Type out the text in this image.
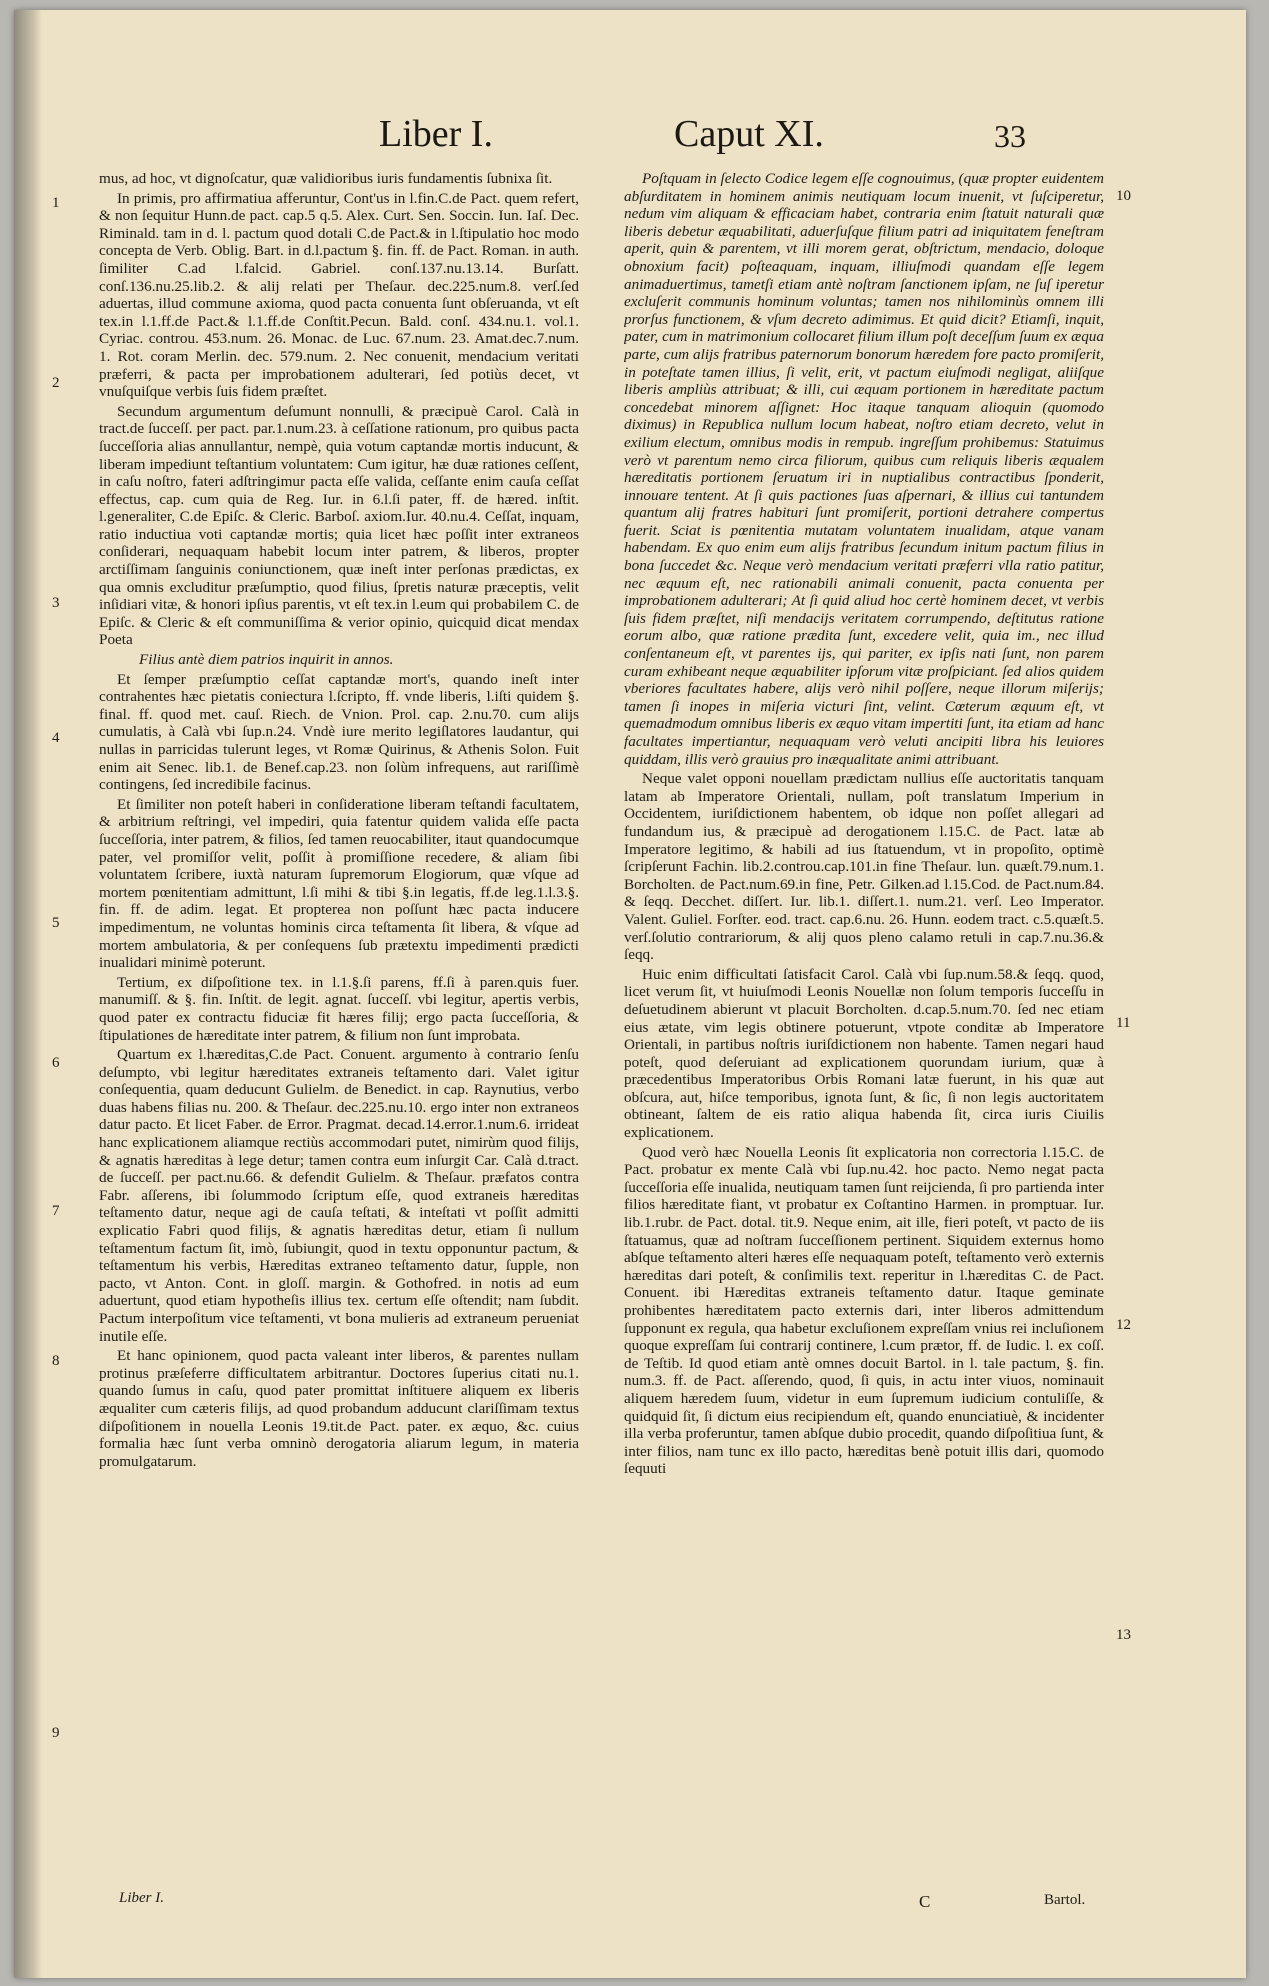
Liber I.	Caput XI.	33
1
2
3
4
5
6
7
8
9
10
11
12
13

mus, ad hoc, vt dignoſcatur, quæ validioribus iuris fundamentis ſubnixa ſit.

In primis, pro affirmatiua afferuntur, Cont'us in l.fin.C.de Pact. quem refert, & non ſequitur Hunn.de pact. cap.5 q.5. Alex. Curt. Sen. Soccin. Iun. Iaſ. Dec. Riminald. tam in d. l. pactum quod dotali C.de Pact.& in l.ſtipulatio hoc modo concepta de Verb. Oblig. Bart. in d.l.pactum §. fin. ff. de Pact. Roman. in auth. ſimiliter C.ad l.falcid. Gabriel. conſ.137.nu.13.14. Burſatt. conſ.136.nu.25.lib.2. & alij relati per Theſaur. dec.225.num.8. verſ.ſed aduertas, illud commune axioma, quod pacta conuenta ſunt obſeruanda, vt eſt tex.in l.1.ff.de Pact.& l.1.ff.de Conſtit.Pecun. Bald. conſ. 434.nu.1. vol.1. Cyriac. controu. 453.num. 26. Monac. de Luc. 67.num. 23. Amat.dec.7.num. 1. Rot. coram Merlin. dec. 579.num. 2. Nec conuenit, mendacium veritati præferri, & pacta per improbationem adulterari, ſed potiùs decet, vt vnuſquiſque verbis ſuis fidem præſtet.

Secundum argumentum deſumunt nonnulli, & præcipuè Carol. Calà in tract.de ſucceſſ. per pact. par.1.num.23. à ceſſatione rationum, pro quibus pacta ſucceſſoria alias annullantur, nempè, quia votum captandæ mortis inducunt, & liberam impediunt teſtantium voluntatem: Cum igitur, hæ duæ rationes ceſſent, in caſu noſtro, fateri adſtringimur pacta eſſe valida, ceſſante enim cauſa ceſſat effectus, cap. cum quia de Reg. Iur. in 6.l.ſi pater, ff. de hæred. inſtit. l.generaliter, C.de Epiſc. & Cleric. Barboſ. axiom.Iur. 40.nu.4. Ceſſat, inquam, ratio inductiua voti captandæ mortis; quia licet hæc poſſit inter extraneos conſiderari, nequaquam habebit locum inter patrem, & liberos, propter arctiſſimam ſanguinis coniunctionem, quæ ineſt inter perſonas prædictas, ex qua omnis excluditur præſumptio, quod filius, ſpretis naturæ præceptis, velit inſidiari vitæ, & honori ipſius parentis, vt eſt tex.in l.eum qui probabilem C. de Epiſc. & Cleric & eſt communiſſima & verior opinio, quicquid dicat mendax Poeta

Filius antè diem patrios inquirit in annos.

Et ſemper præſumptio ceſſat captandæ mort's, quando ineſt inter contrahentes hæc pietatis coniectura l.ſcripto, ff. vnde liberis, l.iſti quidem §. final. ff. quod met. cauſ. Riech. de Vnion. Prol. cap. 2.nu.70. cum alijs cumulatis, à Calà vbi ſup.n.24. Vndè iure merito legiſlatores laudantur, qui nullas in parricidas tulerunt leges, vt Romæ Quirinus, & Athenis Solon. Fuit enim ait Senec. lib.1. de Benef.cap.23. non ſolùm infrequens, aut rariſſimè contingens, ſed incredibile facinus.

Et ſimiliter non poteſt haberi in conſideratione liberam teſtandi facultatem, & arbitrium reſtringi, vel impediri, quia fatentur quidem valida eſſe pacta ſucceſſoria, inter patrem, & filios, ſed tamen reuocabiliter, itaut quandocumque pater, vel promiſſor velit, poſſit à promiſſione recedere, & aliam ſibi voluntatem ſcribere, iuxtà naturam ſupremorum Elogiorum, quæ vſque ad mortem pœnitentiam admittunt, l.ſi mihi & tibi §.in legatis, ff.de leg.1.l.3.§. fin. ff. de adim. legat. Et propterea non poſſunt hæc pacta inducere impedimentum, ne voluntas hominis circa teſtamenta ſit libera, & vſque ad mortem ambulatoria, & per conſequens ſub prætextu impedimenti prædicti inualidari minimè poterunt.

Tertium, ex diſpoſitione tex. in l.1.§.ſi parens, ff.ſi à paren.quis fuer. manumiſſ. & §. fin. Inſtit. de legit. agnat. ſucceſſ. vbi legitur, apertis verbis, quod pater ex contractu fiduciæ fit hæres filij; ergo pacta ſucceſſoria, & ſtipulationes de hæreditate inter patrem, & filium non ſunt improbata.

Quartum ex l.hæreditas,C.de Pact. Conuent. argumento à contrario ſenſu deſumpto, vbi legitur hæreditates extraneis teſtamento dari. Valet igitur conſequentia, quam deducunt Gulielm. de Benedict. in cap. Raynutius, verbo duas habens filias nu. 200. & Theſaur. dec.225.nu.10. ergo inter non extraneos datur pacto. Et licet Faber. de Error. Pragmat. decad.14.error.1.num.6. irrideat hanc explicationem aliamque rectiùs accommodari putet, nimirùm quod filijs, & agnatis hæreditas à lege detur; tamen contra eum inſurgit Car. Calà d.tract. de ſucceſſ. per pact.nu.66. & defendit Gulielm. & Theſaur. præfatos contra Fabr. aſſerens, ibi ſolummodo ſcriptum eſſe, quod extraneis hæreditas teſtamento datur, neque agi de cauſa teſtati, & inteſtati vt poſſit admitti explicatio Fabri quod filijs, & agnatis hæreditas detur, etiam ſi nullum teſtamentum factum ſit, imò, ſubiungit, quod in textu opponuntur pactum, & teſtamentum his verbis, Hæreditas extraneo teſtamento datur, ſupple, non pacto, vt Anton. Cont. in gloſſ. margin. & Gothofred. in notis ad eum aduertunt, quod etiam hypotheſis illius tex. certum eſſe oſtendit; nam ſubdit. Pactum interpoſitum vice teſtamenti, vt bona mulieris ad extraneum perueniat inutile eſſe.

Et hanc opinionem, quod pacta valeant inter liberos, & parentes nullam protinus præſeferre difficultatem arbitrantur. Doctores ſuperius citati nu.1. quando ſumus in caſu, quod pater promittat inſtituere aliquem ex liberis æqualiter cum cæteris filijs, ad quod probandum adducunt clariſſimam textus diſpoſitionem in nouella Leonis 19.tit.de Pact. pater. ex æquo, &c. cuius formalia hæc ſunt verba omninò derogatoria aliarum legum, in materia promulgatarum.

Poſtquam in ſelecto Codice legem eſſe cognouimus, (quæ propter euidentem abſurditatem in hominem animis neutiquam locum inuenit, vt ſuſciperetur, nedum vim aliquam & efficaciam habet, contraria enim ſtatuit naturali quæ liberis debetur æquabilitati, aduerſuſque filium patri ad iniquitatem feneſtram aperit, quin & parentem, vt illi morem gerat, obſtrictum, mendacio, doloque obnoxium facit) poſteaquam, inquam, illiuſmodi quandam eſſe legem animaduertimus, tametſi etiam antè noſtram ſanctionem ipſam, ne ſuſ iperetur excluſerit communis hominum voluntas; tamen nos nihilominùs omnem illi prorſus functionem, & vſum decreto adimimus. Et quid dicit? Etiamſi, inquit, pater, cum in matrimonium collocaret filium illum poſt deceſſum ſuum ex æqua parte, cum alijs fratribus paternorum bonorum hæredem fore pacto promiſerit, in poteſtate tamen illius, ſi velit, erit, vt pactum eiuſmodi negligat, aliiſque liberis ampliùs attribuat; & illi, cui æquam portionem in hæreditate pactum concedebat minorem aſſignet: Hoc itaque tanquam alioquin (quomodo diximus) in Republica nullum locum habeat, noſtro etiam decreto, velut in exilium electum, omnibus modis in rempub. ingreſſum prohibemus: Statuimus verò vt parentum nemo circa filiorum, quibus cum reliquis liberis æqualem hæreditatis portionem ſeruatum iri in nuptialibus contractibus ſponderit, innouare tentent. At ſi quis pactiones ſuas aſpernari, & illius cui tantundem quantum alij fratres habituri ſunt promiſerit, portioni detrahere compertus fuerit. Sciat is pœnitentia mutatam voluntatem inualidam, atque vanam habendam. Ex quo enim eum alijs fratribus ſecundum initum pactum filius in bona ſuccedet &c. Neque verò mendacium veritati præferri vlla ratio patitur, nec æquum eſt, nec rationabili animali conuenit, pacta conuenta per improbationem adulterari; At ſi quid aliud hoc certè hominem decet, vt verbis ſuis fidem præſtet, niſi mendacijs veritatem corrumpendo, deſtitutus ratione eorum albo, quæ ratione prædita ſunt, excedere velit, quia im., nec illud conſentaneum eſt, vt parentes ijs, qui pariter, ex ipſis nati ſunt, non parem curam exhibeant neque æquabiliter ipſorum vitæ proſpiciant. ſed alios quidem vberiores facultates habere, alijs verò nihil poſſere, neque illorum miſerijs; tamen ſi inopes in miſeria victuri ſint, velint. Cœterum æquum eſt, vt quemadmodum omnibus liberis ex æquo vitam impertiti ſunt, ita etiam ad hanc facultates impertiantur, nequaquam verò veluti ancipiti libra his leuiores quiddam, illis verò grauius pro inæqualitate animi attribuant.

Neque valet opponi nouellam prædictam nullius eſſe auctoritatis tanquam latam ab Imperatore Orientali, nullam, poſt translatum Imperium in Occidentem, iuriſdictionem habentem, ob idque non poſſet allegari ad fundandum ius, & præcipuè ad derogationem l.15.C. de Pact. latæ ab Imperatore legitimo, & habili ad ius ſtatuendum, vt in propoſito, optimè ſcripſerunt Fachin. lib.2.controu.cap.101.in fine Theſaur. lun. quæſt.79.num.1. Borcholten. de Pact.num.69.in fine, Petr. Gilken.ad l.15.Cod. de Pact.num.84. & ſeqq. Decchet. diſſert. Iur. lib.1. diſſert.1. num.21. verſ. Leo Imperator. Valent. Guliel. Forſter. eod. tract. cap.6.nu. 26. Hunn. eodem tract. c.5.quæſt.5. verſ.ſolutio contrariorum, & alij quos pleno calamo retuli in cap.7.nu.36.& ſeqq.

Huic enim difficultati ſatisfacit Carol. Calà vbi ſup.num.58.& ſeqq. quod, licet verum ſit, vt huiuſmodi Leonis Nouellæ non ſolum temporis ſucceſſu in deſuetudinem abierunt vt placuit Borcholten. d.cap.5.num.70. ſed nec etiam eius ætate, vim legis obtinere potuerunt, vtpote conditæ ab Imperatore Orientali, in partibus noſtris iuriſdictionem non habente. Tamen negari haud poteſt, quod deſeruiant ad explicationem quorundam iurium, quæ à præcedentibus Imperatoribus Orbis Romani latæ fuerunt, in his quæ aut obſcura, aut, hiſce temporibus, ignota ſunt, & ſic, ſi non legis auctoritatem obtineant, ſaltem de eis ratio aliqua habenda ſit, circa iuris Ciuilis explicationem.

Quod verò hæc Nouella Leonis ſit explicatoria non correctoria l.15.C. de Pact. probatur ex mente Calà vbi ſup.nu.42. hoc pacto. Nemo negat pacta ſucceſſoria eſſe inualida, neutiquam tamen ſunt reijcienda, ſi pro partienda inter filios hæreditate fiant, vt probatur ex Coſtantino Harmen. in promptuar. Iur. lib.1.rubr. de Pact. dotal. tit.9. Neque enim, ait ille, fieri poteſt, vt pacto de iis ſtatuamus, quæ ad noſtram ſucceſſionem pertinent. Siquidem externus homo abſque teſtamento alteri hæres eſſe nequaquam poteſt, teſtamento verò externis hæreditas dari poteſt, & conſimilis text. reperitur in l.hæreditas C. de Pact. Conuent. ibi Hæreditas extraneis teſtamento datur. Itaque geminate prohibentes hæreditatem pacto externis dari, inter liberos admittendum ſupponunt ex regula, qua habetur excluſionem expreſſam vnius rei incluſionem quoque expreſſam ſui contrarij continere, l.cum prætor, ff. de Iudic. l. ex coſſ. de Teſtib. Id quod etiam antè omnes docuit Bartol. in l. tale pactum, §. fin. num.3. ff. de Pact. aſſerendo, quod, ſi quis, in actu inter viuos, nominauit aliquem hæredem ſuum, videtur in eum ſupremum iudicium contuliſſe, & quidquid ſit, ſi dictum eius recipiendum eſt, quando enunciatiuè, & incidenter illa verba proferuntur, tamen abſque dubio procedit, quando diſpoſitiua ſunt, & inter filios, nam tunc ex illo pacto, hæreditas benè potuit illis dari, quomodo ſequuti

Liber I.	C	Bartol.
